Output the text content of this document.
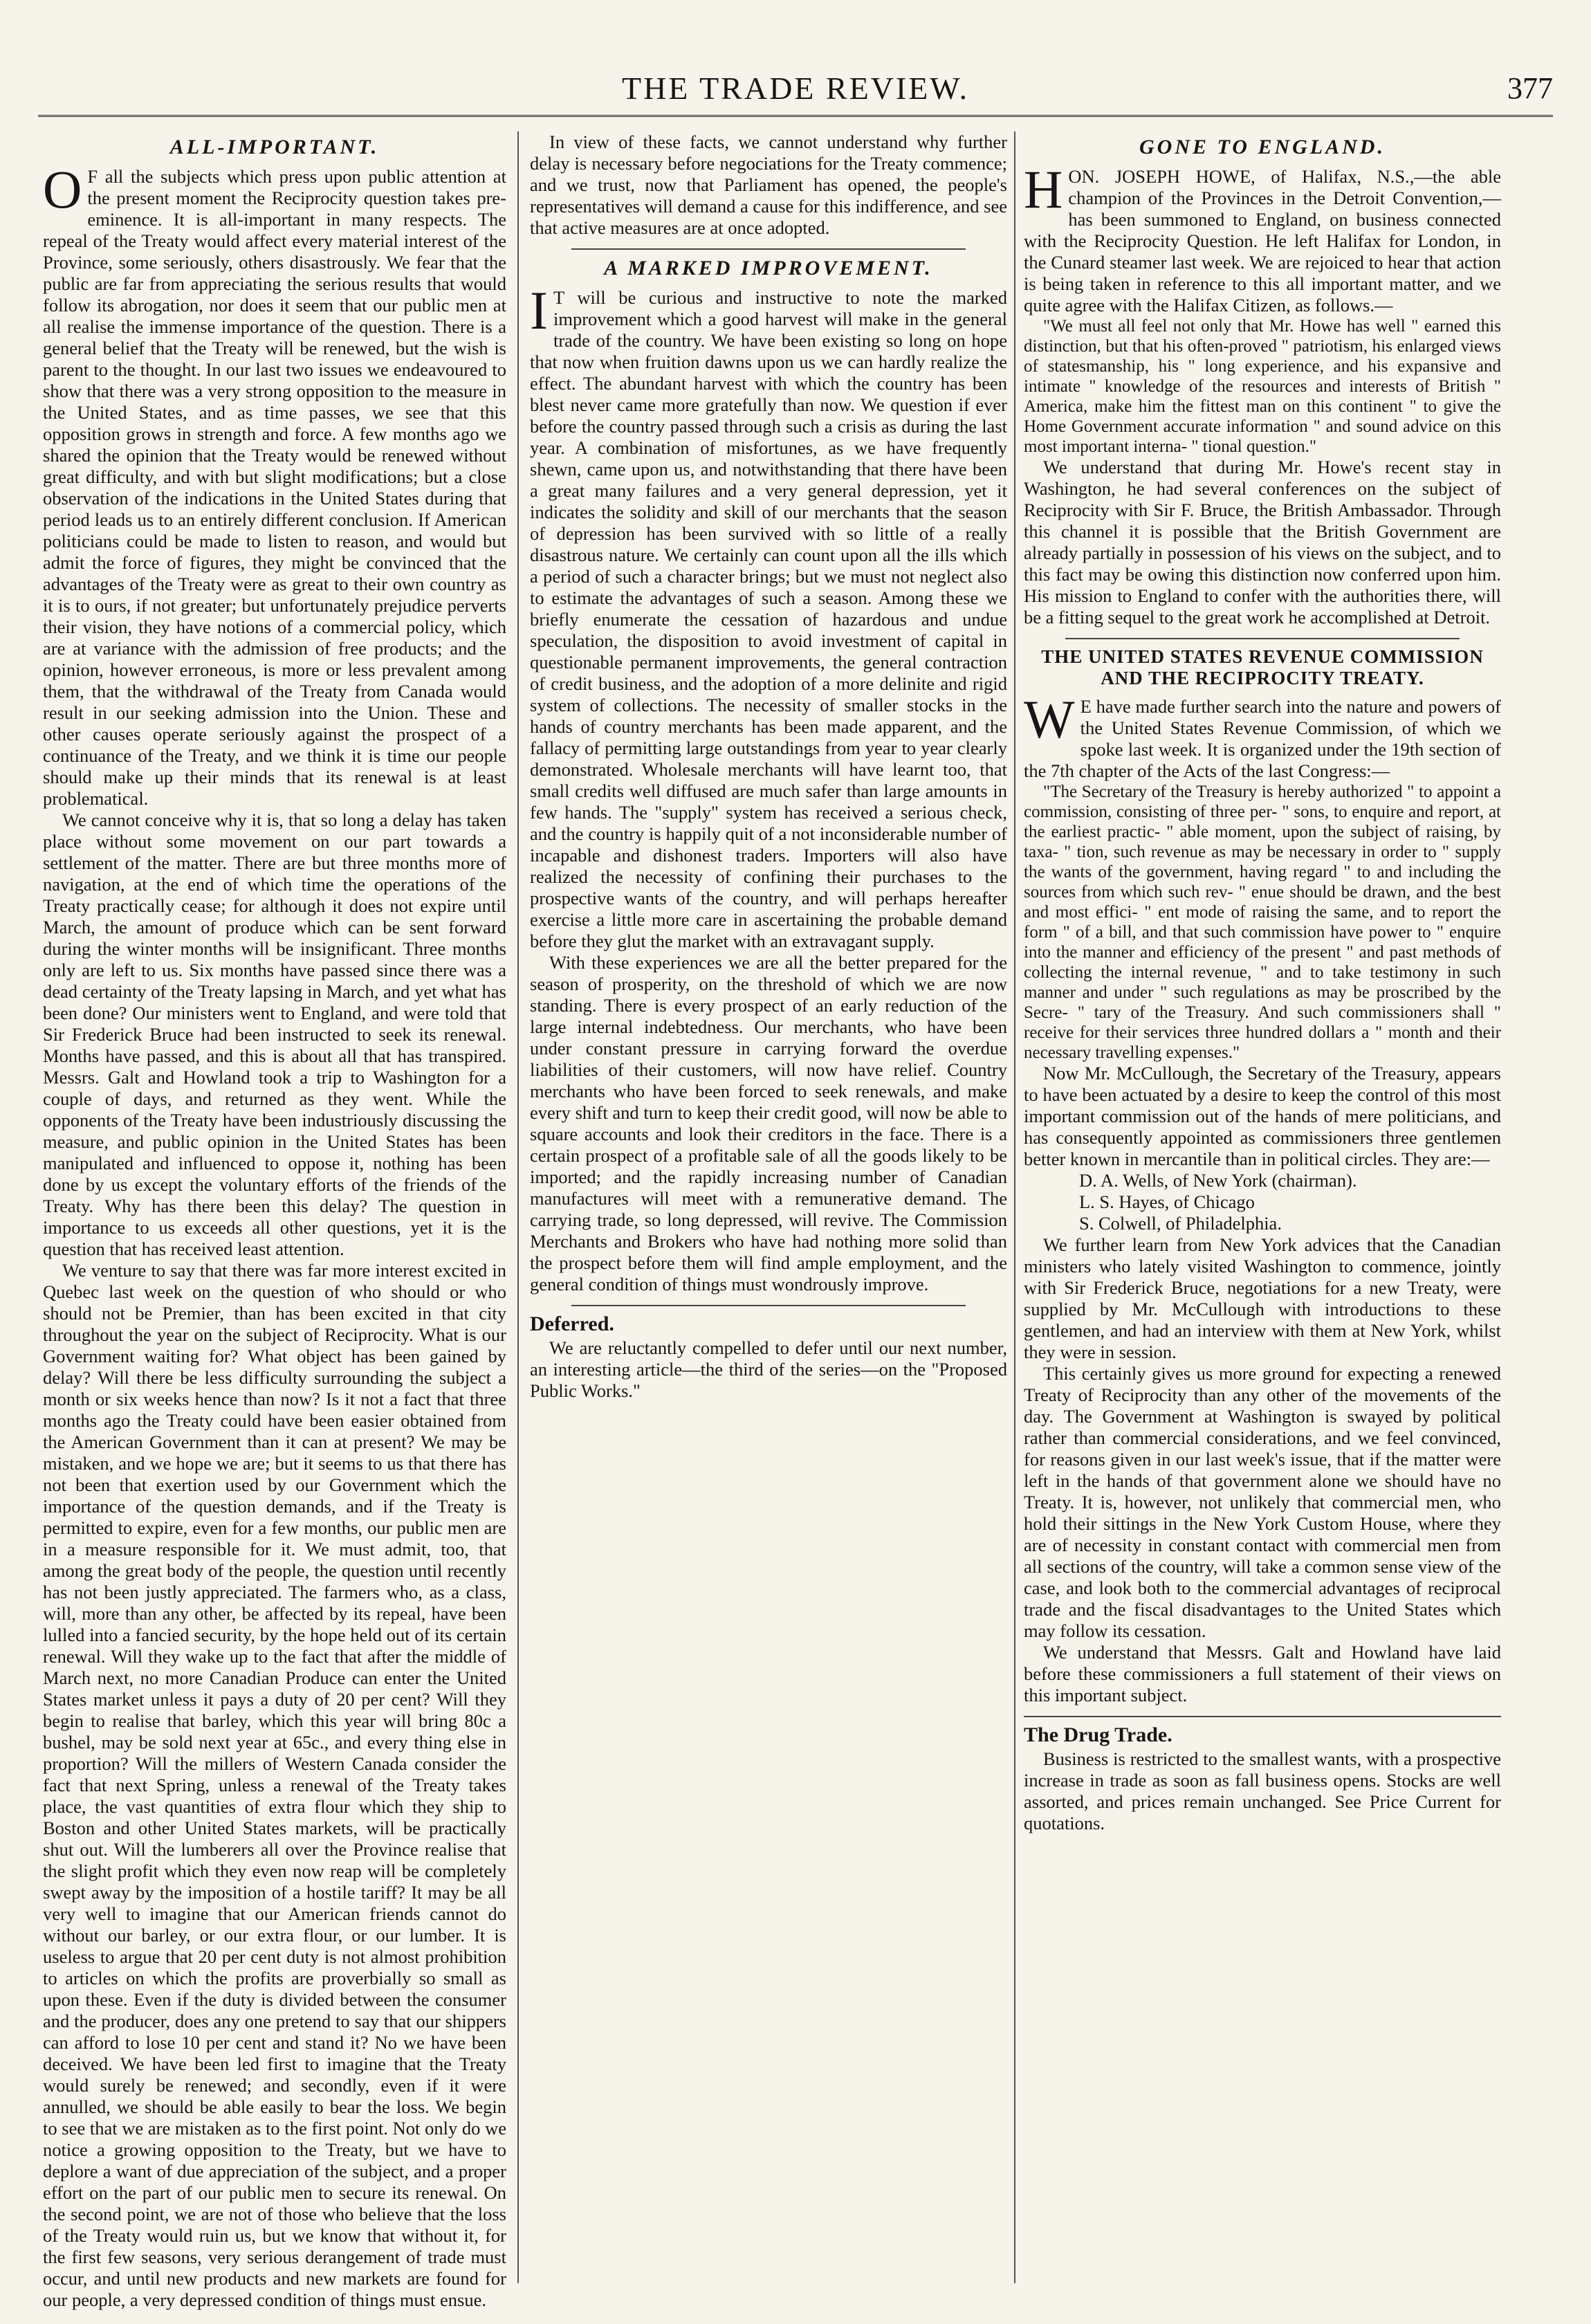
THE TRADE REVIEW.	377
ALL-IMPORTANT.

O F all the subjects which press upon public attention at the present moment the Reciprocity question takes pre-eminence. It is all-important in many respects. The repeal of the Treaty would affect every material interest of the Province, some seriously, others disastrously. We fear that the public are far from appreciating the serious results that would follow its abrogation, nor does it seem that our public men at all realise the immense importance of the question. There is a general belief that the Treaty will be renewed, but the wish is parent to the thought. In our last two issues we endeavoured to show that there was a very strong opposition to the measure in the United States, and as time passes, we see that this opposition grows in strength and force. A few months ago we shared the opinion that the Treaty would be renewed without great difficulty, and with but slight modifications; but a close observation of the indications in the United States during that period leads us to an entirely different conclusion. If American politicians could be made to listen to reason, and would but admit the force of figures, they might be convinced that the advantages of the Treaty were as great to their own country as it is to ours, if not greater; but unfortunately prejudice perverts their vision, they have notions of a commercial policy, which are at variance with the admission of free products; and the opinion, however erroneous, is more or less prevalent among them, that the withdrawal of the Treaty from Canada would result in our seeking admission into the Union. These and other causes operate seriously against the prospect of a continuance of the Treaty, and we think it is time our people should make up their minds that its renewal is at least problematical.

We cannot conceive why it is, that so long a delay has taken place without some movement on our part towards a settlement of the matter. There are but three months more of navigation, at the end of which time the operations of the Treaty practically cease; for although it does not expire until March, the amount of produce which can be sent forward during the winter months will be insignificant. Three months only are left to us. Six months have passed since there was a dead certainty of the Treaty lapsing in March, and yet what has been done? Our ministers went to England, and were told that Sir Frederick Bruce had been instructed to seek its renewal. Months have passed, and this is about all that has transpired. Messrs. Galt and Howland took a trip to Washington for a couple of days, and returned as they went. While the opponents of the Treaty have been industriously discussing the measure, and public opinion in the United States has been manipulated and influenced to oppose it, nothing has been done by us except the voluntary efforts of the friends of the Treaty. Why has there been this delay? The question in importance to us exceeds all other questions, yet it is the question that has received least attention.

We venture to say that there was far more interest excited in Quebec last week on the question of who should or who should not be Premier, than has been excited in that city throughout the year on the subject of Reciprocity. What is our Government waiting for? What object has been gained by delay? Will there be less difficulty surrounding the subject a month or six weeks hence than now? Is it not a fact that three months ago the Treaty could have been easier obtained from the American Government than it can at present? We may be mistaken, and we hope we are; but it seems to us that there has not been that exertion used by our Government which the importance of the question demands, and if the Treaty is permitted to expire, even for a few months, our public men are in a measure responsible for it. We must admit, too, that among the great body of the people, the question until recently has not been justly appreciated. The farmers who, as a class, will, more than any other, be affected by its repeal, have been lulled into a fancied security, by the hope held out of its certain renewal. Will they wake up to the fact that after the middle of March next, no more Canadian Produce can enter the United States market unless it pays a duty of 20 per cent? Will they begin to realise that barley, which this year will bring 80c a bushel, may be sold next year at 65c., and every thing else in proportion? Will the millers of Western Canada consider the fact that next Spring, unless a renewal of the Treaty takes place, the vast quantities of extra flour which they ship to Boston and other United States markets, will be practically shut out. Will the lumberers all over the Province realise that the slight profit which they even now reap will be completely swept away by the imposition of a hostile tariff? It may be all very well to imagine that our American friends cannot do without our barley, or our extra flour, or our lumber. It is useless to argue that 20 per cent duty is not almost prohibition to articles on which the profits are proverbially so small as upon these. Even if the duty is divided between the consumer and the producer, does any one pretend to say that our shippers can afford to lose 10 per cent and stand it? No we have been deceived. We have been led first to imagine that the Treaty would surely be renewed; and secondly, even if it were annulled, we should be able easily to bear the loss. We begin to see that we are mistaken as to the first point. Not only do we notice a growing opposition to the Treaty, but we have to deplore a want of due appreciation of the subject, and a proper effort on the part of our public men to secure its renewal. On the second point, we are not of those who believe that the loss of the Treaty would ruin us, but we know that without it, for the first few seasons, very serious derangement of trade must occur, and until new products and new markets are found for our people, a very depressed condition of things must ensue.

In view of these facts, we cannot understand why further delay is necessary before negociations for the Treaty commence; and we trust, now that Parliament has opened, the people's representatives will demand a cause for this indifference, and see that active measures are at once adopted.

A MARKED IMPROVEMENT.

I T will be curious and instructive to note the marked improvement which a good harvest will make in the general trade of the country. We have been existing so long on hope that now when fruition dawns upon us we can hardly realize the effect. The abundant harvest with which the country has been blest never came more gratefully than now. We question if ever before the country passed through such a crisis as during the last year. A combination of misfortunes, as we have frequently shewn, came upon us, and notwithstanding that there have been a great many failures and a very general depression, yet it indicates the solidity and skill of our merchants that the season of depression has been survived with so little of a really disastrous nature. We certainly can count upon all the ills which a period of such a character brings; but we must not neglect also to estimate the advantages of such a season. Among these we briefly enumerate the cessation of hazardous and undue speculation, the disposition to avoid investment of capital in questionable permanent improvements, the general contraction of credit business, and the adoption of a more delinite and rigid system of collections. The necessity of smaller stocks in the hands of country merchants has been made apparent, and the fallacy of permitting large outstandings from year to year clearly demonstrated. Wholesale merchants will have learnt too, that small credits well diffused are much safer than large amounts in few hands. The "supply" system has received a serious check, and the country is happily quit of a not inconsiderable number of incapable and dishonest traders. Importers will also have realized the necessity of confining their purchases to the prospective wants of the country, and will perhaps hereafter exercise a little more care in ascertaining the probable demand before they glut the market with an extravagant supply.

With these experiences we are all the better prepared for the season of prosperity, on the threshold of which we are now standing. There is every prospect of an early reduction of the large internal indebtedness. Our merchants, who have been under constant pressure in carrying forward the overdue liabilities of their customers, will now have relief. Country merchants who have been forced to seek renewals, and make every shift and turn to keep their credit good, will now be able to square accounts and look their creditors in the face. There is a certain prospect of a profitable sale of all the goods likely to be imported; and the rapidly increasing number of Canadian manufactures will meet with a remunerative demand. The carrying trade, so long depressed, will revive. The Commission Merchants and Brokers who have had nothing more solid than the prospect before them will find ample employment, and the general condition of things must wondrously improve.

Deferred.

We are reluctantly compelled to defer until our next number, an interesting article—the third of the series—on the "Proposed Public Works."

GONE TO ENGLAND.

HON. JOSEPH HOWE, of Halifax, N.S.,—the able champion of the Provinces in the Detroit Convention,—has been summoned to England, on business connected with the Reciprocity Question. He left Halifax for London, in the Cunard steamer last week. We are rejoiced to hear that action is being taken in reference to this all important matter, and we quite agree with the Halifax Citizen, as follows.—

"We must all feel not only that Mr. Howe has well " earned this distinction, but that his often-proved " patriotism, his enlarged views of statesmanship, his " long experience, and his expansive and intimate " knowledge of the resources and interests of British " America, make him the fittest man on this continent " to give the Home Government accurate information " and sound advice on this most important interna- " tional question."

We understand that during Mr. Howe's recent stay in Washington, he had several conferences on the subject of Reciprocity with Sir F. Bruce, the British Ambassador. Through this channel it is possible that the British Government are already partially in possession of his views on the subject, and to this fact may be owing this distinction now conferred upon him. His mission to England to confer with the authorities there, will be a fitting sequel to the great work he accomplished at Detroit.

THE UNITED STATES REVENUE COMMISSION
AND THE RECIPROCITY TREATY.

W E have made further search into the nature and powers of the United States Revenue Commission, of which we spoke last week. It is organized under the 19th section of the 7th chapter of the Acts of the last Congress:—

"The Secretary of the Treasury is hereby authorized " to appoint a commission, consisting of three per- " sons, to enquire and report, at the earliest practic- " able moment, upon the subject of raising, by taxa- " tion, such revenue as may be necessary in order to " supply the wants of the government, having regard " to and including the sources from which such rev- " enue should be drawn, and the best and most effici- " ent mode of raising the same, and to report the form " of a bill, and that such commission have power to " enquire into the manner and efficiency of the present " and past methods of collecting the internal revenue, " and to take testimony in such manner and under " such regulations as may be proscribed by the Secre- " tary of the Treasury. And such commissioners shall " receive for their services three hundred dollars a " month and their necessary travelling expenses."

Now Mr. McCullough, the Secretary of the Treasury, appears to have been actuated by a desire to keep the control of this most important commission out of the hands of mere politicians, and has consequently appointed as commissioners three gentlemen better known in mercantile than in political circles. They are:—

D. A. Wells, of New York (chairman).

L. S. Hayes, of Chicago

S. Colwell, of Philadelphia.

We further learn from New York advices that the Canadian ministers who lately visited Washington to commence, jointly with Sir Frederick Bruce, negotiations for a new Treaty, were supplied by Mr. McCullough with introductions to these gentlemen, and had an interview with them at New York, whilst they were in session.

This certainly gives us more ground for expecting a renewed Treaty of Reciprocity than any other of the movements of the day. The Government at Washington is swayed by political rather than commercial considerations, and we feel convinced, for reasons given in our last week's issue, that if the matter were left in the hands of that government alone we should have no Treaty. It is, however, not unlikely that commercial men, who hold their sittings in the New York Custom House, where they are of necessity in constant contact with commercial men from all sections of the country, will take a common sense view of the case, and look both to the commercial advantages of reciprocal trade and the fiscal disadvantages to the United States which may follow its cessation.

We understand that Messrs. Galt and Howland have laid before these commissioners a full statement of their views on this important subject.

The Drug Trade.

Business is restricted to the smallest wants, with a prospective increase in trade as soon as fall business opens. Stocks are well assorted, and prices remain unchanged. See Price Current for quotations.
